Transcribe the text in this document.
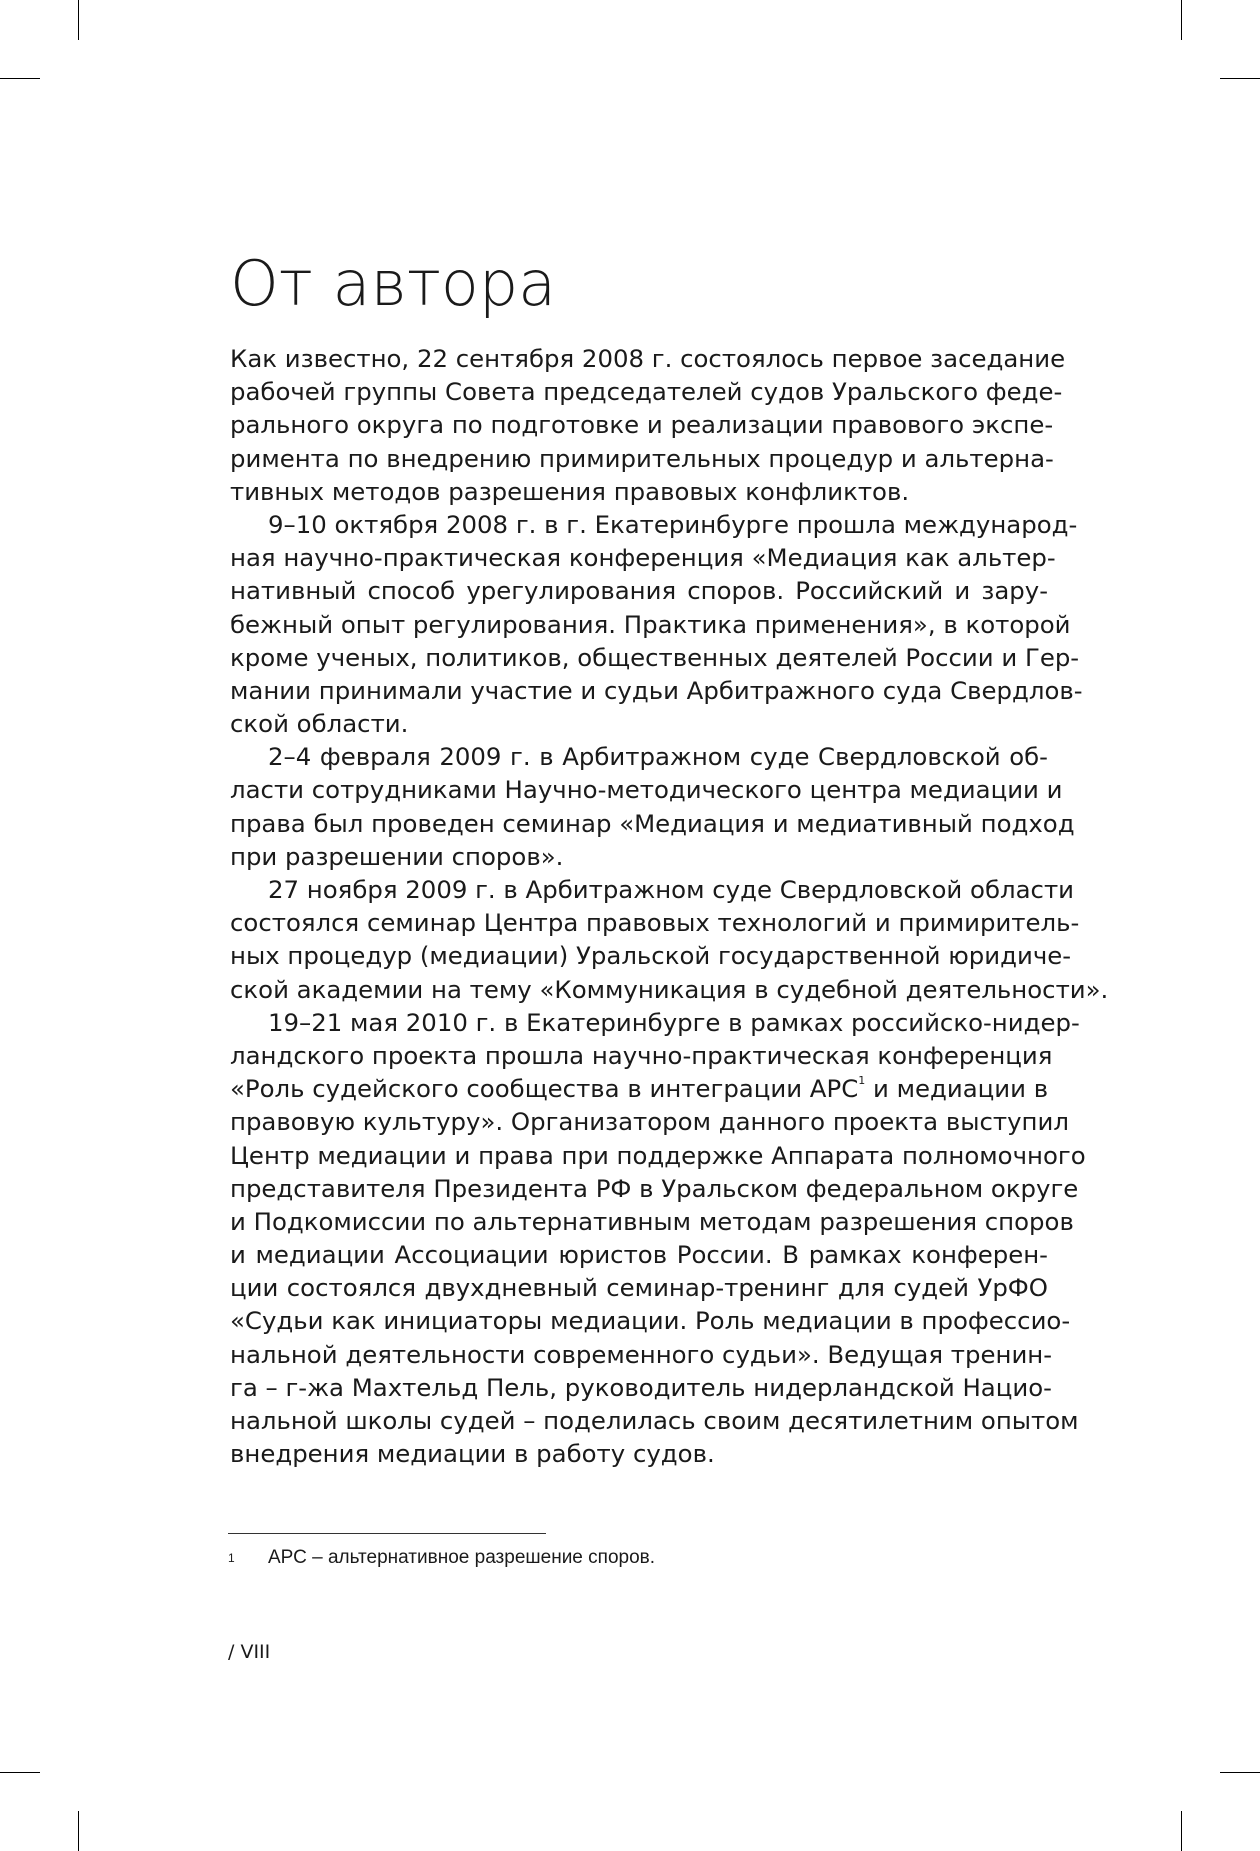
От автора
Как известно, 22 сентября 2008 г. состоялось первое заседание
рабочей группы Совета председателей судов Уральского феде-
рального округа по подготовке и реализации правового экспе-
римента по внедрению примирительных процедур и альтерна-
тивных методов разрешения правовых конфликтов.
9–10 октября 2008 г. в г. Екатеринбурге прошла международ-
ная научно-практическая конференция «Медиация как альтер-
нативный способ урегулирования споров. Российский и зару-
бежный опыт регулирования. Практика применения», в которой
кроме ученых, политиков, общественных деятелей России и Гер-
мании принимали участие и судьи Арбитражного суда Свердлов-
ской области.
2–4 февраля 2009 г. в Арбитражном суде Свердловской об-
ласти сотрудниками Научно-методического центра медиации и
права был проведен семинар «Медиация и медиативный подход
при разрешении споров».
27 ноября 2009 г. в Арбитражном суде Свердловской области
состоялся семинар Центра правовых технологий и примиритель-
ных процедур (медиации) Уральской государственной юридиче-
ской академии на тему «Коммуникация в судебной деятельности».
19–21 мая 2010 г. в Екатеринбурге в рамках российско-нидер-
ландского проекта прошла научно-практическая конференция
«Роль судейского сообщества в интеграции АРС$^1$ и медиации в
правовую культуру». Организатором данного проекта выступил
Центр медиации и права при поддержке Аппарата полномочного
представителя Президента РФ в Уральском федеральном округе
и Подкомиссии по альтернативным методам разрешения споров
и медиации Ассоциации юристов России. В рамках конферен-
ции состоялся двухдневный семинар-тренинг для судей УрФО
«Судьи как инициаторы медиации. Роль медиации в профессио-
нальной деятельности современного судьи». Ведущая тренин-
га – г-жа Махтельд Пель, руководитель нидерландской Нацио-
нальной школы судей – поделилась своим десятилетним опытом
внедрения медиации в работу судов.
1 АРС – альтернативное разрешение споров.
/ VIII
